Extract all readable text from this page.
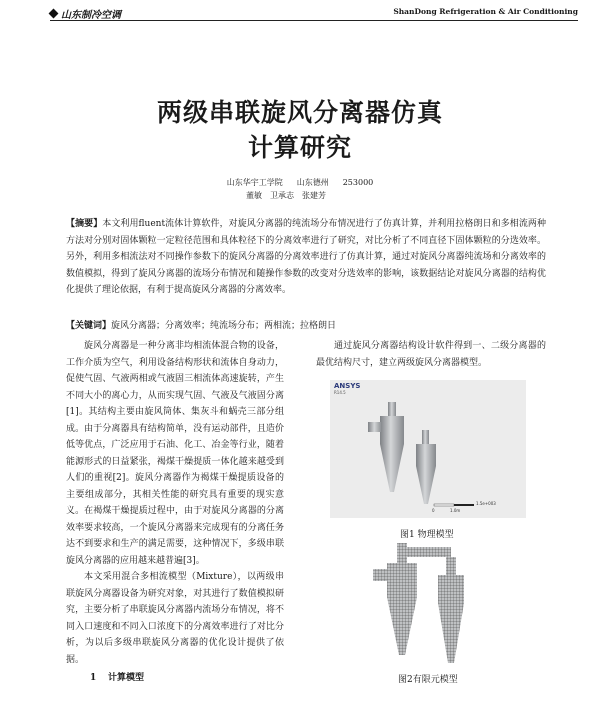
山东制冷空调	ShanDong Refrigeration & Air Conditioning
两级串联旋风分离器仿真
计算研究
山东华宇工学院 山东德州 253000
董敏 卫承志 张建芳
【摘要】本文利用fluent流体计算软件，对旋风分离器的纯流场分布情况进行了仿真计算，并利用拉格朗日和多相流两种方法对分别对固体颗粒一定粒径范围和具体粒径下的分离效率进行了研究，对比分析了不同直径下固体颗粒的分选效率。另外，利用多相流法对不同操作参数下的旋风分离器的分离效率进行了仿真计算，通过对旋风分离器纯流场和分离效率的数值模拟，得到了旋风分离器的流场分布情况和随操作参数的改变对分选效率的影响，该数据结论对旋风分离器的结构优化提供了理论依据，有利于提高旋风分离器的分离效率。
【关键词】旋风分离器；分离效率；纯流场分布；两相流；拉格朗日

旋风分离器是一种分离非均相流体混合物的设备，工作介质为空气，利用设备结构形状和流体自身动力，促使气固、气液两相或气液固三相流体高速旋转，产生不同大小的离心力，从而实现气固、气液及气液固分离[1]。其结构主要由旋风筒体、集灰斗和蜗壳三部分组成。由于分离器具有结构简单，没有运动部件，且造价低等优点，广泛应用于石油、化工、冶金等行业，随着能源形式的日益紧张，褐煤干燥提质一体化越来越受到人们的重视[2]。旋风分离器作为褐煤干燥提质设备的主要组成部分，其相关性能的研究具有重要的现实意义。在褐煤干燥提质过程中，由于对旋风分离器的分离效率要求较高，一个旋风分离器来完成现有的分离任务达不到要求和生产的满足需要，这种情况下，多级串联旋风分离器的应用越来越普遍[3]。

本文采用混合多相流模型（Mixture），以两级串联旋风分离器设备为研究对象，对其进行了数值模拟研究，主要分析了串联旋风分离器内流场分布情况，将不同入口速度和不同入口浓度下的分离效率进行了对比分析，为以后多级串联旋风分离器的优化设计提供了依据。

1 计算模型

通过旋风分离器结构设计软件得到一、二级分离器的最优结构尺寸，建立两级旋风分离器模型。

ANSYS
R14.5
0	1.0m
1.5e+003
图1 物理模型
图2有限元模型
